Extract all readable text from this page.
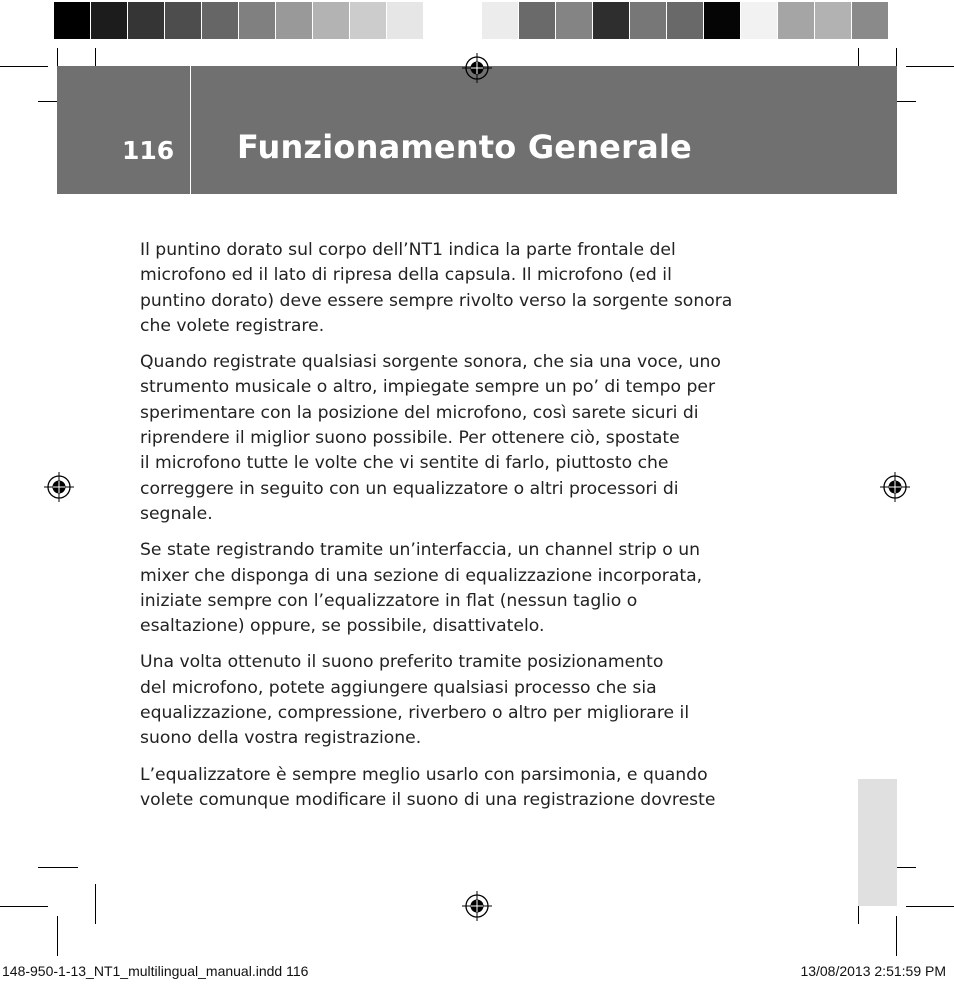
116 Funzionamento Generale

Il puntino dorato sul corpo dell’NT1 indica la parte frontale del
microfono ed il lato di ripresa della capsula. Il microfono (ed il
puntino dorato) deve essere sempre rivolto verso la sorgente sonora
che volete registrare.

Quando registrate qualsiasi sorgente sonora, che sia una voce, uno
strumento musicale o altro, impiegate sempre un po’ di tempo per
sperimentare con la posizione del microfono, così sarete sicuri di
riprendere il miglior suono possibile. Per ottenere ciò, spostate
il microfono tutte le volte che vi sentite di farlo, piuttosto che
correggere in seguito con un equalizzatore o altri processori di
segnale.

Se state registrando tramite un’interfaccia, un channel strip o un
mixer che disponga di una sezione di equalizzazione incorporata,
iniziate sempre con l’equalizzatore in flat (nessun taglio o
esaltazione) oppure, se possibile, disattivatelo.

Una volta ottenuto il suono preferito tramite posizionamento
del microfono, potete aggiungere qualsiasi processo che sia
equalizzazione, compressione, riverbero o altro per migliorare il
suono della vostra registrazione.

L’equalizzatore è sempre meglio usarlo con parsimonia, e quando
volete comunque modificare il suono di una registrazione dovreste

148-950-1-13_NT1_multilingual_manual.indd 116	13/08/2013 2:51:59 PM
